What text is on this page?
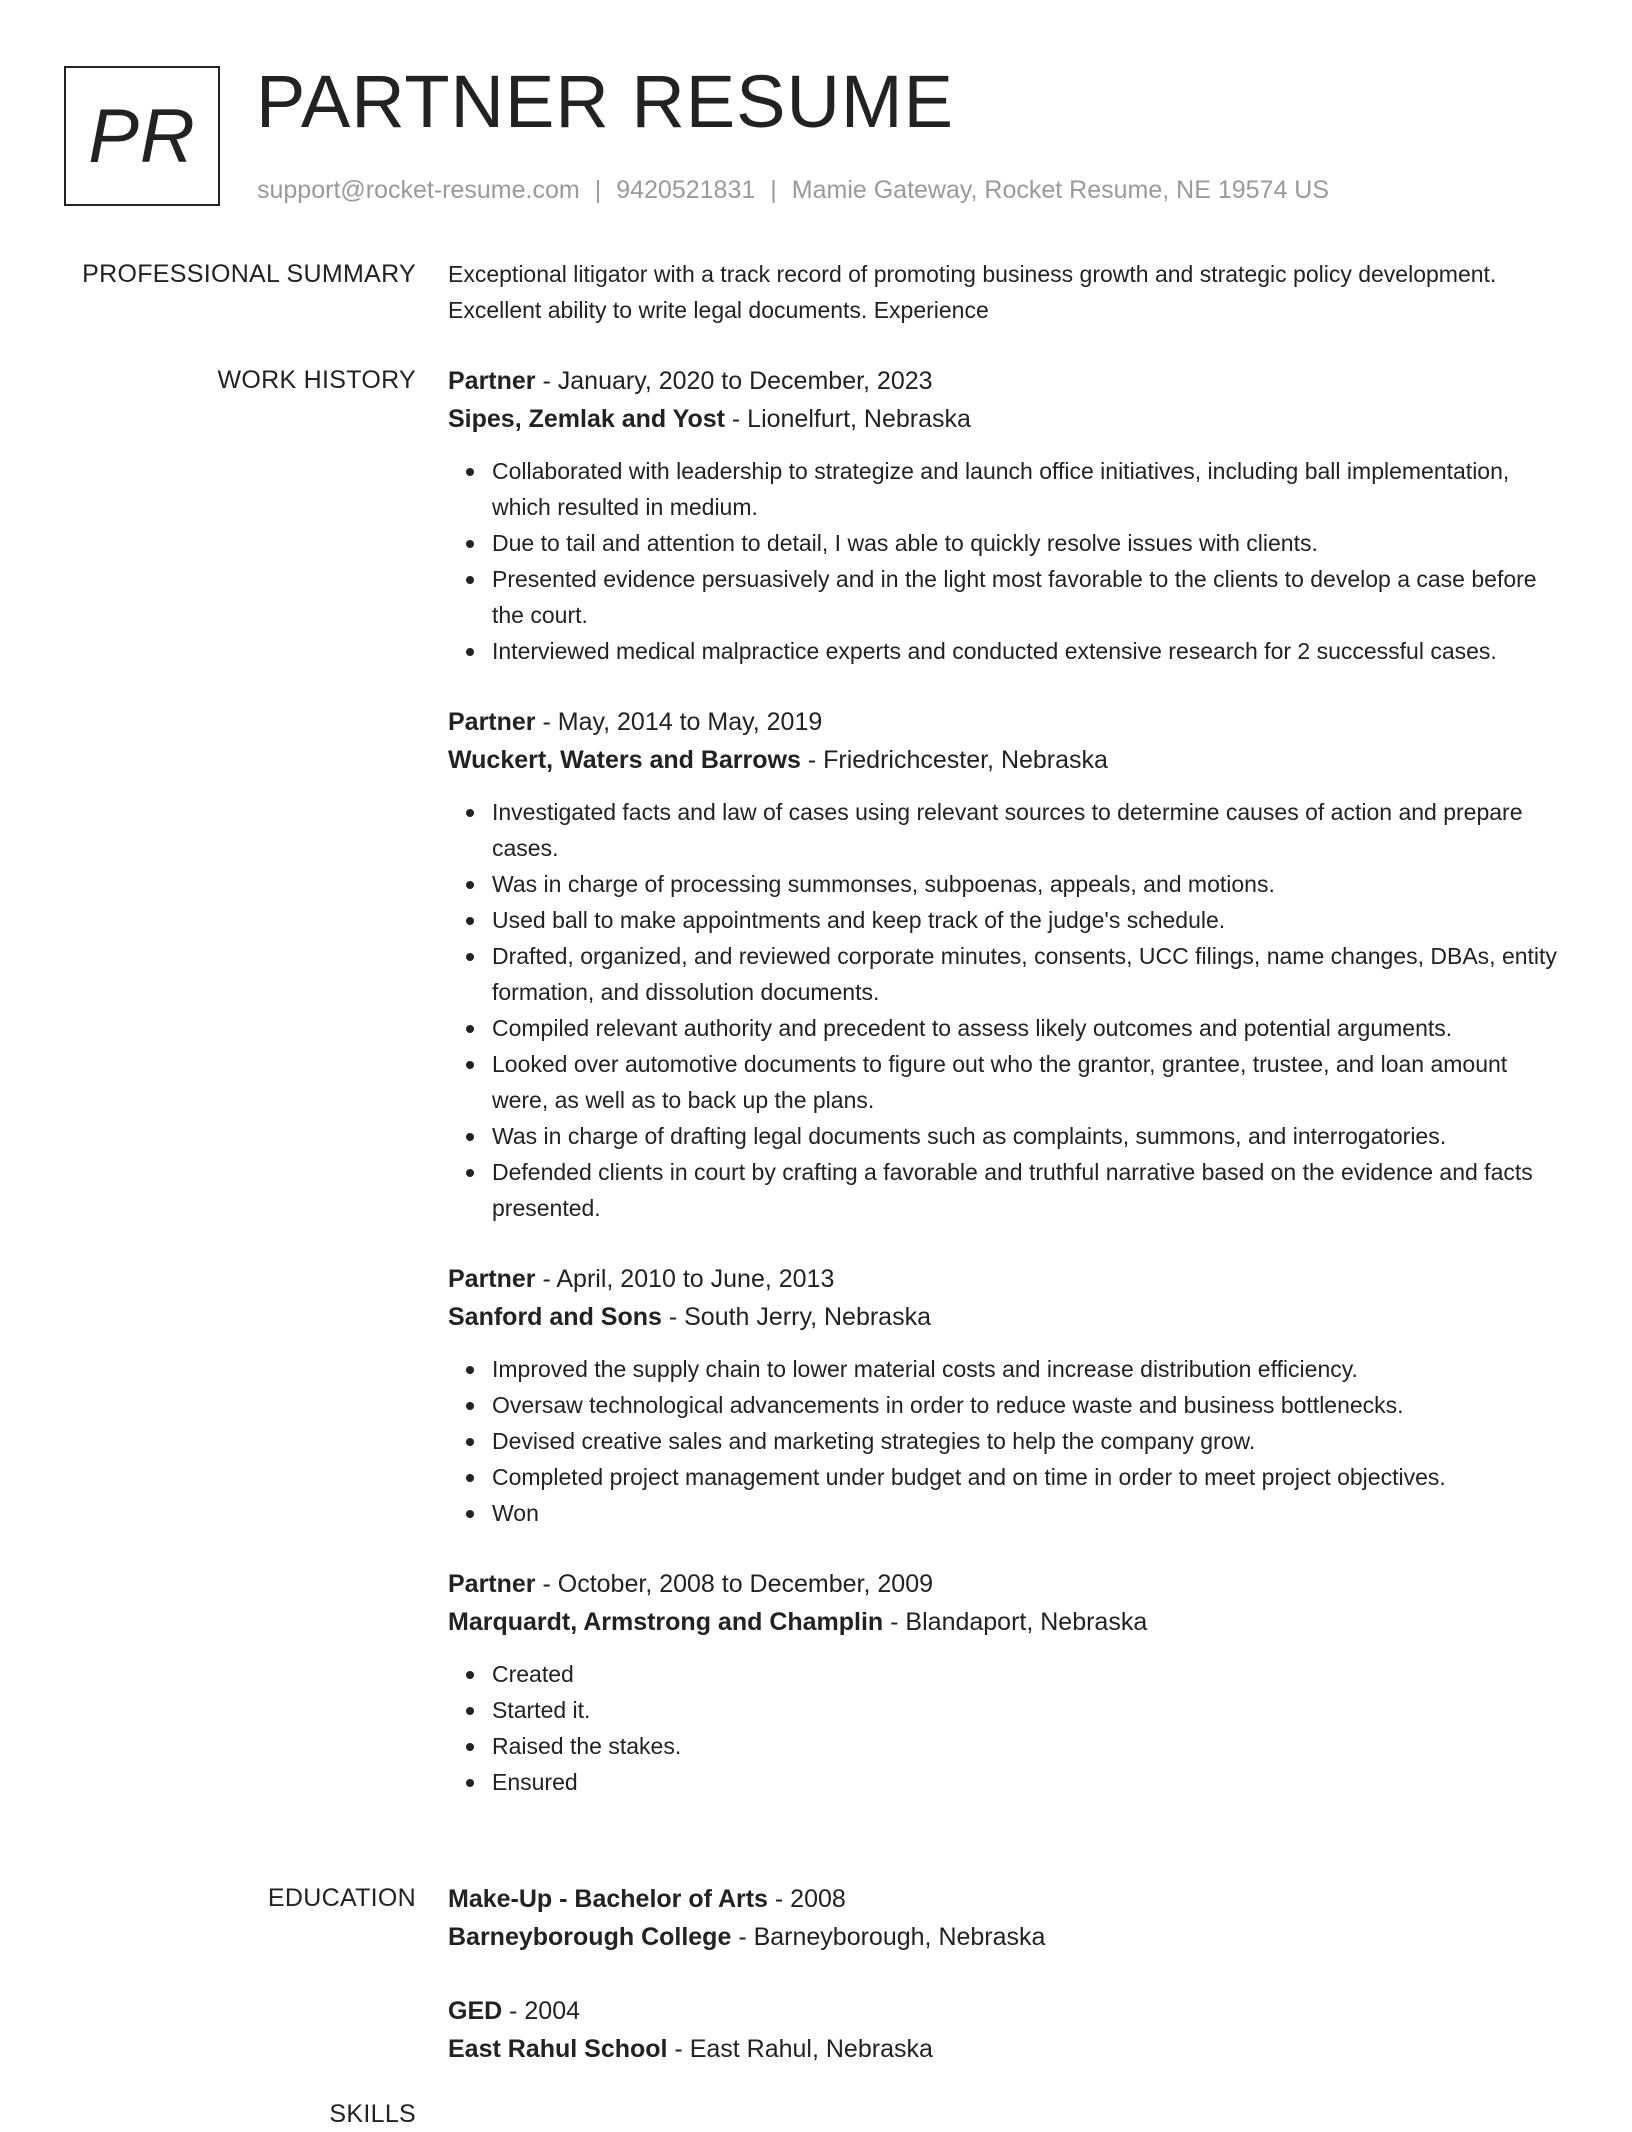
PR PARTNER RESUME
support@rocket-resume.com | 9420521831 | Mamie Gateway, Rocket Resume, NE 19574 US
PROFESSIONAL SUMMARY Exceptional litigator with a track record of promoting business growth and strategic policy development. Excellent ability to write legal documents. Experience

WORK HISTORY Partner - January, 2020 to December, 2023
Sipes, Zemlak and Yost - Lionelfurt, Nebraska
Collaborated with leadership to strategize and launch office initiatives, including ball implementation, which resulted in medium.
Due to tail and attention to detail, I was able to quickly resolve issues with clients.
Presented evidence persuasively and in the light most favorable to the clients to develop a case before the court.
Interviewed medical malpractice experts and conducted extensive research for 2 successful cases.
Partner - May, 2014 to May, 2019
Wuckert, Waters and Barrows - Friedrichcester, Nebraska
Investigated facts and law of cases using relevant sources to determine causes of action and prepare cases.
Was in charge of processing summonses, subpoenas, appeals, and motions.
Used ball to make appointments and keep track of the judge's schedule.
Drafted, organized, and reviewed corporate minutes, consents, UCC filings, name changes, DBAs, entity formation, and dissolution documents.
Compiled relevant authority and precedent to assess likely outcomes and potential arguments.
Looked over automotive documents to figure out who the grantor, grantee, trustee, and loan amount were, as well as to back up the plans.
Was in charge of drafting legal documents such as complaints, summons, and interrogatories.
Defended clients in court by crafting a favorable and truthful narrative based on the evidence and facts presented.
Partner - April, 2010 to June, 2013
Sanford and Sons - South Jerry, Nebraska
Improved the supply chain to lower material costs and increase distribution efficiency.
Oversaw technological advancements in order to reduce waste and business bottlenecks.
Devised creative sales and marketing strategies to help the company grow.
Completed project management under budget and on time in order to meet project objectives.
Won
Partner - October, 2008 to December, 2009
Marquardt, Armstrong and Champlin - Blandaport, Nebraska
Created
Started it.
Raised the stakes.
Ensured
EDUCATION Make-Up - Bachelor of Arts - 2008
Barneyborough College - Barneyborough, Nebraska
GED - 2004
East Rahul School - East Rahul, Nebraska
SKILLS
